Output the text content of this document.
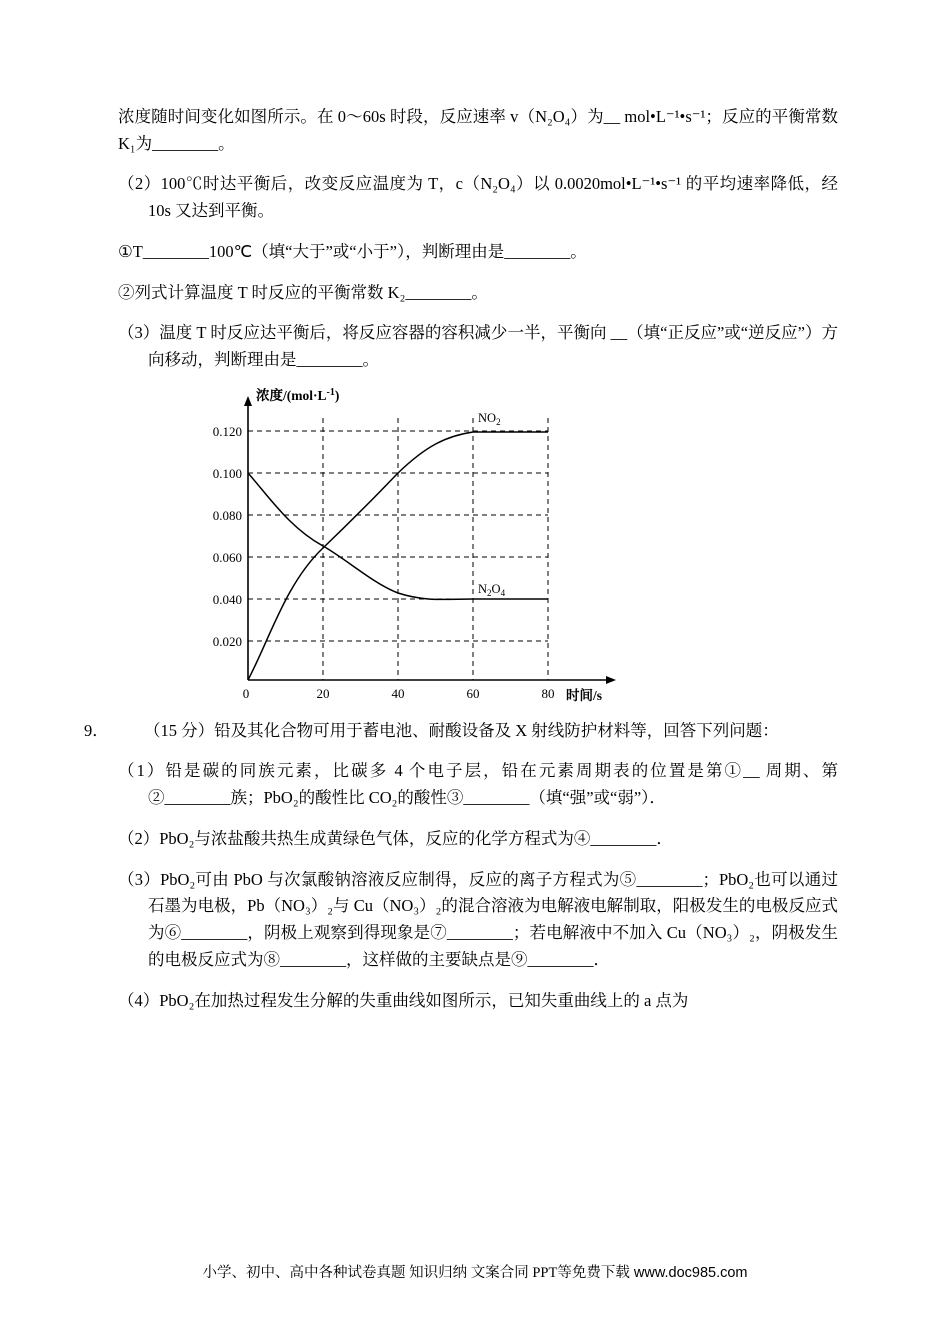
浓度随时间变化如图所示。在 0～60s 时段，反应速率 v（N₂O₄）为__ mol•L⁻¹•s⁻¹；反应的平衡常数 K₁为________。

（2）100℃时达平衡后，改变反应温度为 T，c（N₂O₄）以 0.0020mol•L⁻¹•s⁻¹ 的平均速率降低，经 10s 又达到平衡。

①T________100℃（填“大于”或“小于”），判断理由是________。

②列式计算温度 T 时反应的平衡常数 K₂________。

（3）温度 T 时反应达平衡后，将反应容器的容积减少一半，平衡向 __（填“正反应”或“逆反应”）方向移动，判断理由是________。

0.120
0.100
0.080
0.060
0.040
0.020
0	20	40	60	80
浓度$/(mol\cdot L^{-1})$
时间/s
$NO_2$
$N_2O_4$

9． （15 分）铅及其化合物可用于蓄电池、耐酸设备及 X 射线防护材料等，回答下列问题：

（1）铅是碳的同族元素，比碳多 4 个电子层，铅在元素周期表的位置是第①__ 周期、第②________族；PbO₂的酸性比 CO₂的酸性③________（填“强”或“弱”）．

（2）PbO₂与浓盐酸共热生成黄绿色气体，反应的化学方程式为④________．

（3）PbO₂可由 PbO 与次氯酸钠溶液反应制得，反应的离子方程式为⑤________；PbO₂也可以通过石墨为电极，Pb（NO₃）₂与 Cu（NO₃）₂的混合溶液为电解液电解制取，阳极发生的电极反应式为⑥________，阴极上观察到得现象是⑦________；若电解液中不加入 Cu（NO₃）₂，阴极发生的电极反应式为⑧________，这样做的主要缺点是⑨________．

（4）PbO₂在加热过程发生分解的失重曲线如图所示，已知失重曲线上的 a 点为

小学、初中、高中各种试卷真题 知识归纳 文案合同 PPT等免费下载 www.doc985.com
